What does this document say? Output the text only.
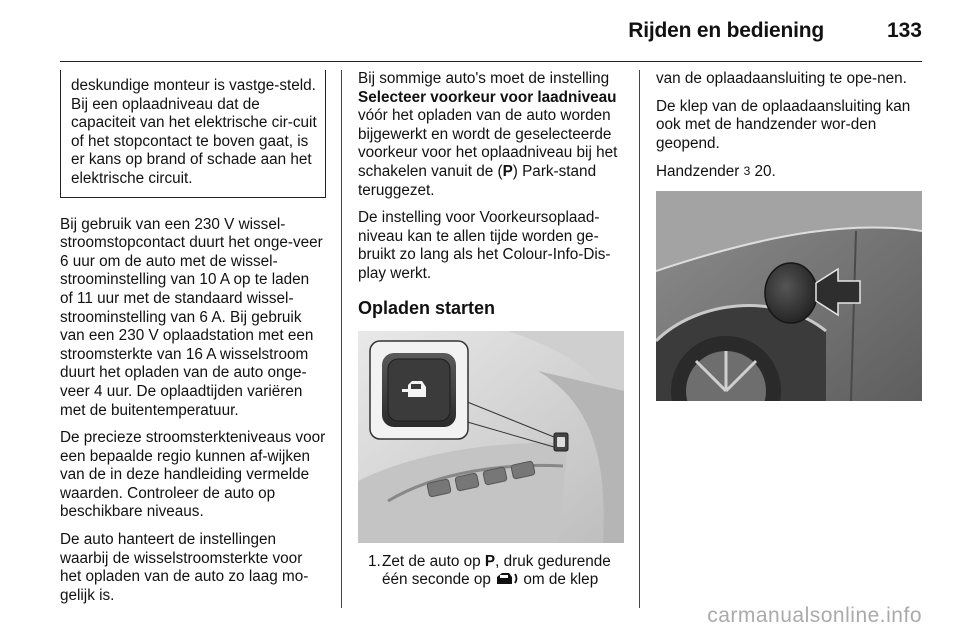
Rijden en bediening	133

deskundige monteur is vastge-steld. Bij een oplaadniveau dat de capaciteit van het elektrische cir-cuit of het stopcontact te boven gaat, is er kans op brand of schade aan het elektrische circuit.

Bij gebruik van een 230 V wissel-stroomstopcontact duurt het onge-veer 6 uur om de auto met de wissel-stroominstelling van 10 A op te laden of 11 uur met de standaard wissel-stroominstelling van 6 A. Bij gebruik van een 230 V oplaadstation met een stroomsterkte van 16 A wisselstroom duurt het opladen van de auto onge-veer 4 uur. De oplaadtijden variëren met de buitentemperatuur.

De precieze stroomsterkteniveaus voor een bepaalde regio kunnen af-wijken van de in deze handleiding vermelde waarden. Controleer de auto op beschikbare niveaus.

De auto hanteert de instellingen waarbij de wisselstroomsterkte voor het opladen van de auto zo laag mo-gelijk is.

Bij sommige auto's moet de instelling Selecteer voorkeur voor laadniveau vóór het opladen van de auto worden bijgewerkt en wordt de geselecteerde voorkeur voor het oplaadniveau bij het schakelen vanuit de (P) Park-stand teruggezet.

De instelling voor Voorkeursoplaad-niveau kan te allen tijde worden ge-bruikt zo lang als het Colour-Info-Dis-play werkt.

Opladen starten
1. Zet de auto op P, druk gedurende één seconde op om de klep

van de oplaadaansluiting te ope-nen.

De klep van de oplaadaansluiting kan ook met de handzender wor-den geopend.

Handzender 3 20.

carmanualsonline.info
